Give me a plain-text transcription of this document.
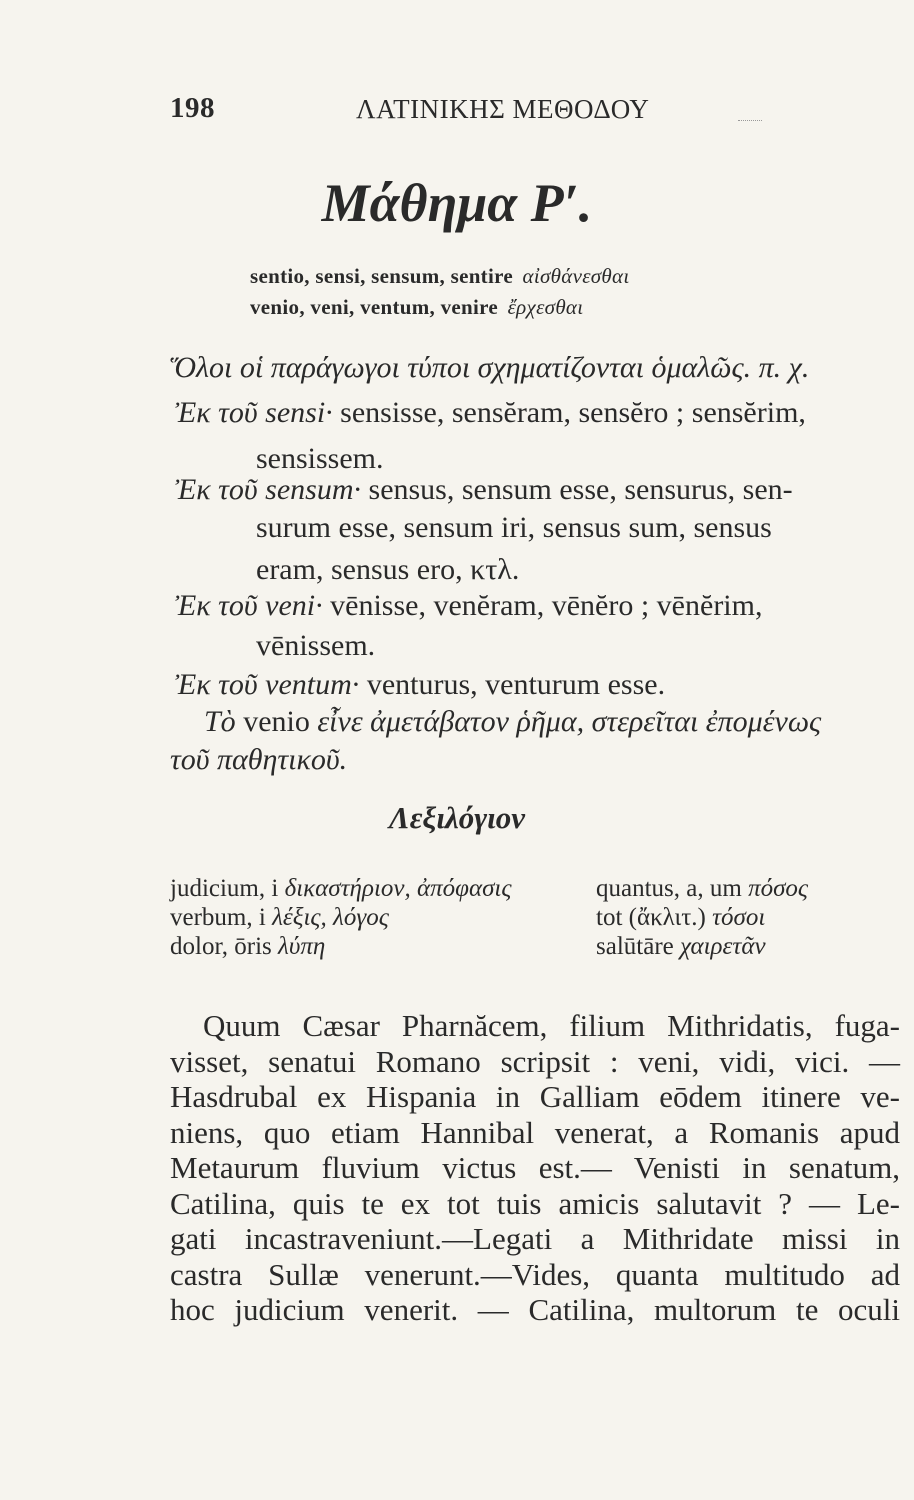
198	ΛΑΤΙΝΙΚΗΣ ΜΕΘΟΔΟΥ
Μάθημα Ρ′.
sentio, sensi, sensum, sentire αἰσθάνεσθαι
venio, veni, ventum, venire ἔρχεσθαι
Ὅλοι οἱ παράγωγοι τύποι σχηματίζονται ὁμαλῶς. π. χ.
Ἐκ τοῦ sensi· sensisse, sensĕram, sensĕro ; sensĕrim,
sensissem.
Ἐκ τοῦ sensum· sensus, sensum esse, sensurus, sen-
surum esse, sensum iri, sensus sum, sensus
eram, sensus ero, κτλ.
Ἐκ τοῦ veni· vēnisse, venĕram, vēnĕro ; vēnĕrim,
vēnissem.
Ἐκ τοῦ ventum· venturus, venturum esse.
Τὸ venio εἶνε ἀμετάβατον ῥῆμα, στερεῖται ἐπομένως
τοῦ παθητικοῦ.
Λεξιλόγιον
judicium, i δικαστήριον, ἀπόφασις
verbum, i λέξις, λόγος
dolor, ōris λύπη
quantus, a, um πόσος
tot (ἄκλιτ.) τόσοι
salūtāre χαιρετᾶν
Quum Cæsar Pharnăcem, filium Mithridatis, fuga-
visset, senatui Romano scripsit : veni, vidi, vici. —
Hasdrubal ex Hispania in Galliam eōdem itinere ve-
niens, quo etiam Hannibal venerat, a Romanis apud
Metaurum fluvium victus est.— Venisti in senatum,
Catilina, quis te ex tot tuis amicis salutavit ? — Le-
gati incastraveniunt.—Legati a Mithridate missi in
castra Sullæ venerunt.—Vides, quanta multitudo ad
hoc judicium venerit. — Catilina, multorum te oculi
